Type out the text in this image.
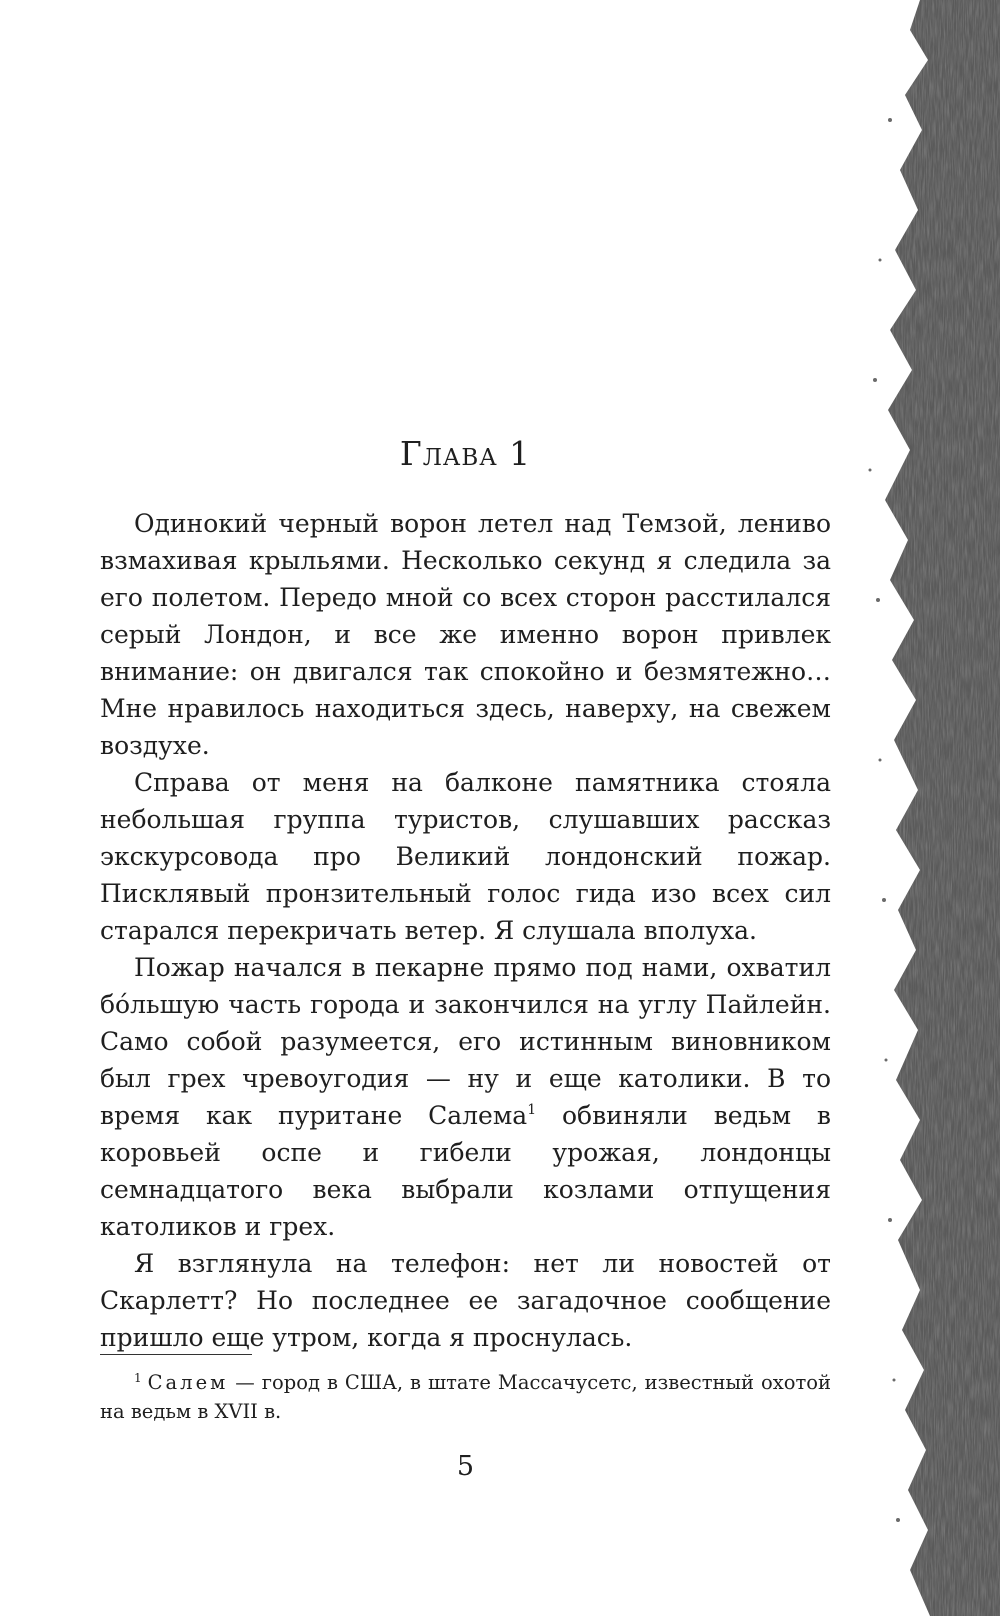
Глава 1

Одинокий черный ворон летел над Темзой, лениво взмахивая крыльями. Несколько секунд я следила за его полетом. Передо мной со всех сторон расстилался серый Лондон, и все же именно ворон привлек внимание: он двигался так спокойно и безмятежно… Мне нравилось находиться здесь, наверху, на свежем воздухе.

Справа от меня на балконе памятника стояла небольшая группа туристов, слушавших рассказ экскурсовода про Великий лондонский пожар. Писклявый пронзительный голос гида изо всех сил старался перекричать ветер. Я слушала вполуха.

Пожар начался в пекарне прямо под нами, охватил бóльшую часть города и закончился на углу Пайлейн. Само собой разумеется, его истинным виновником был грех чревоугодия — ну и еще католики. В то время как пуритане Салема$^1$ обвиняли ведьм в коровьей оспе и гибели урожая, лондонцы семнадцатого века выбрали козлами отпущения католиков и грех.

Я взглянула на телефон: нет ли новостей от Скарлетт? Но последнее ее загадочное сообщение пришло еще утром, когда я проснулась.

$^1$ Салем — город в США, в штате Массачусетс, известный охотой на ведьм в XVII в.
5
